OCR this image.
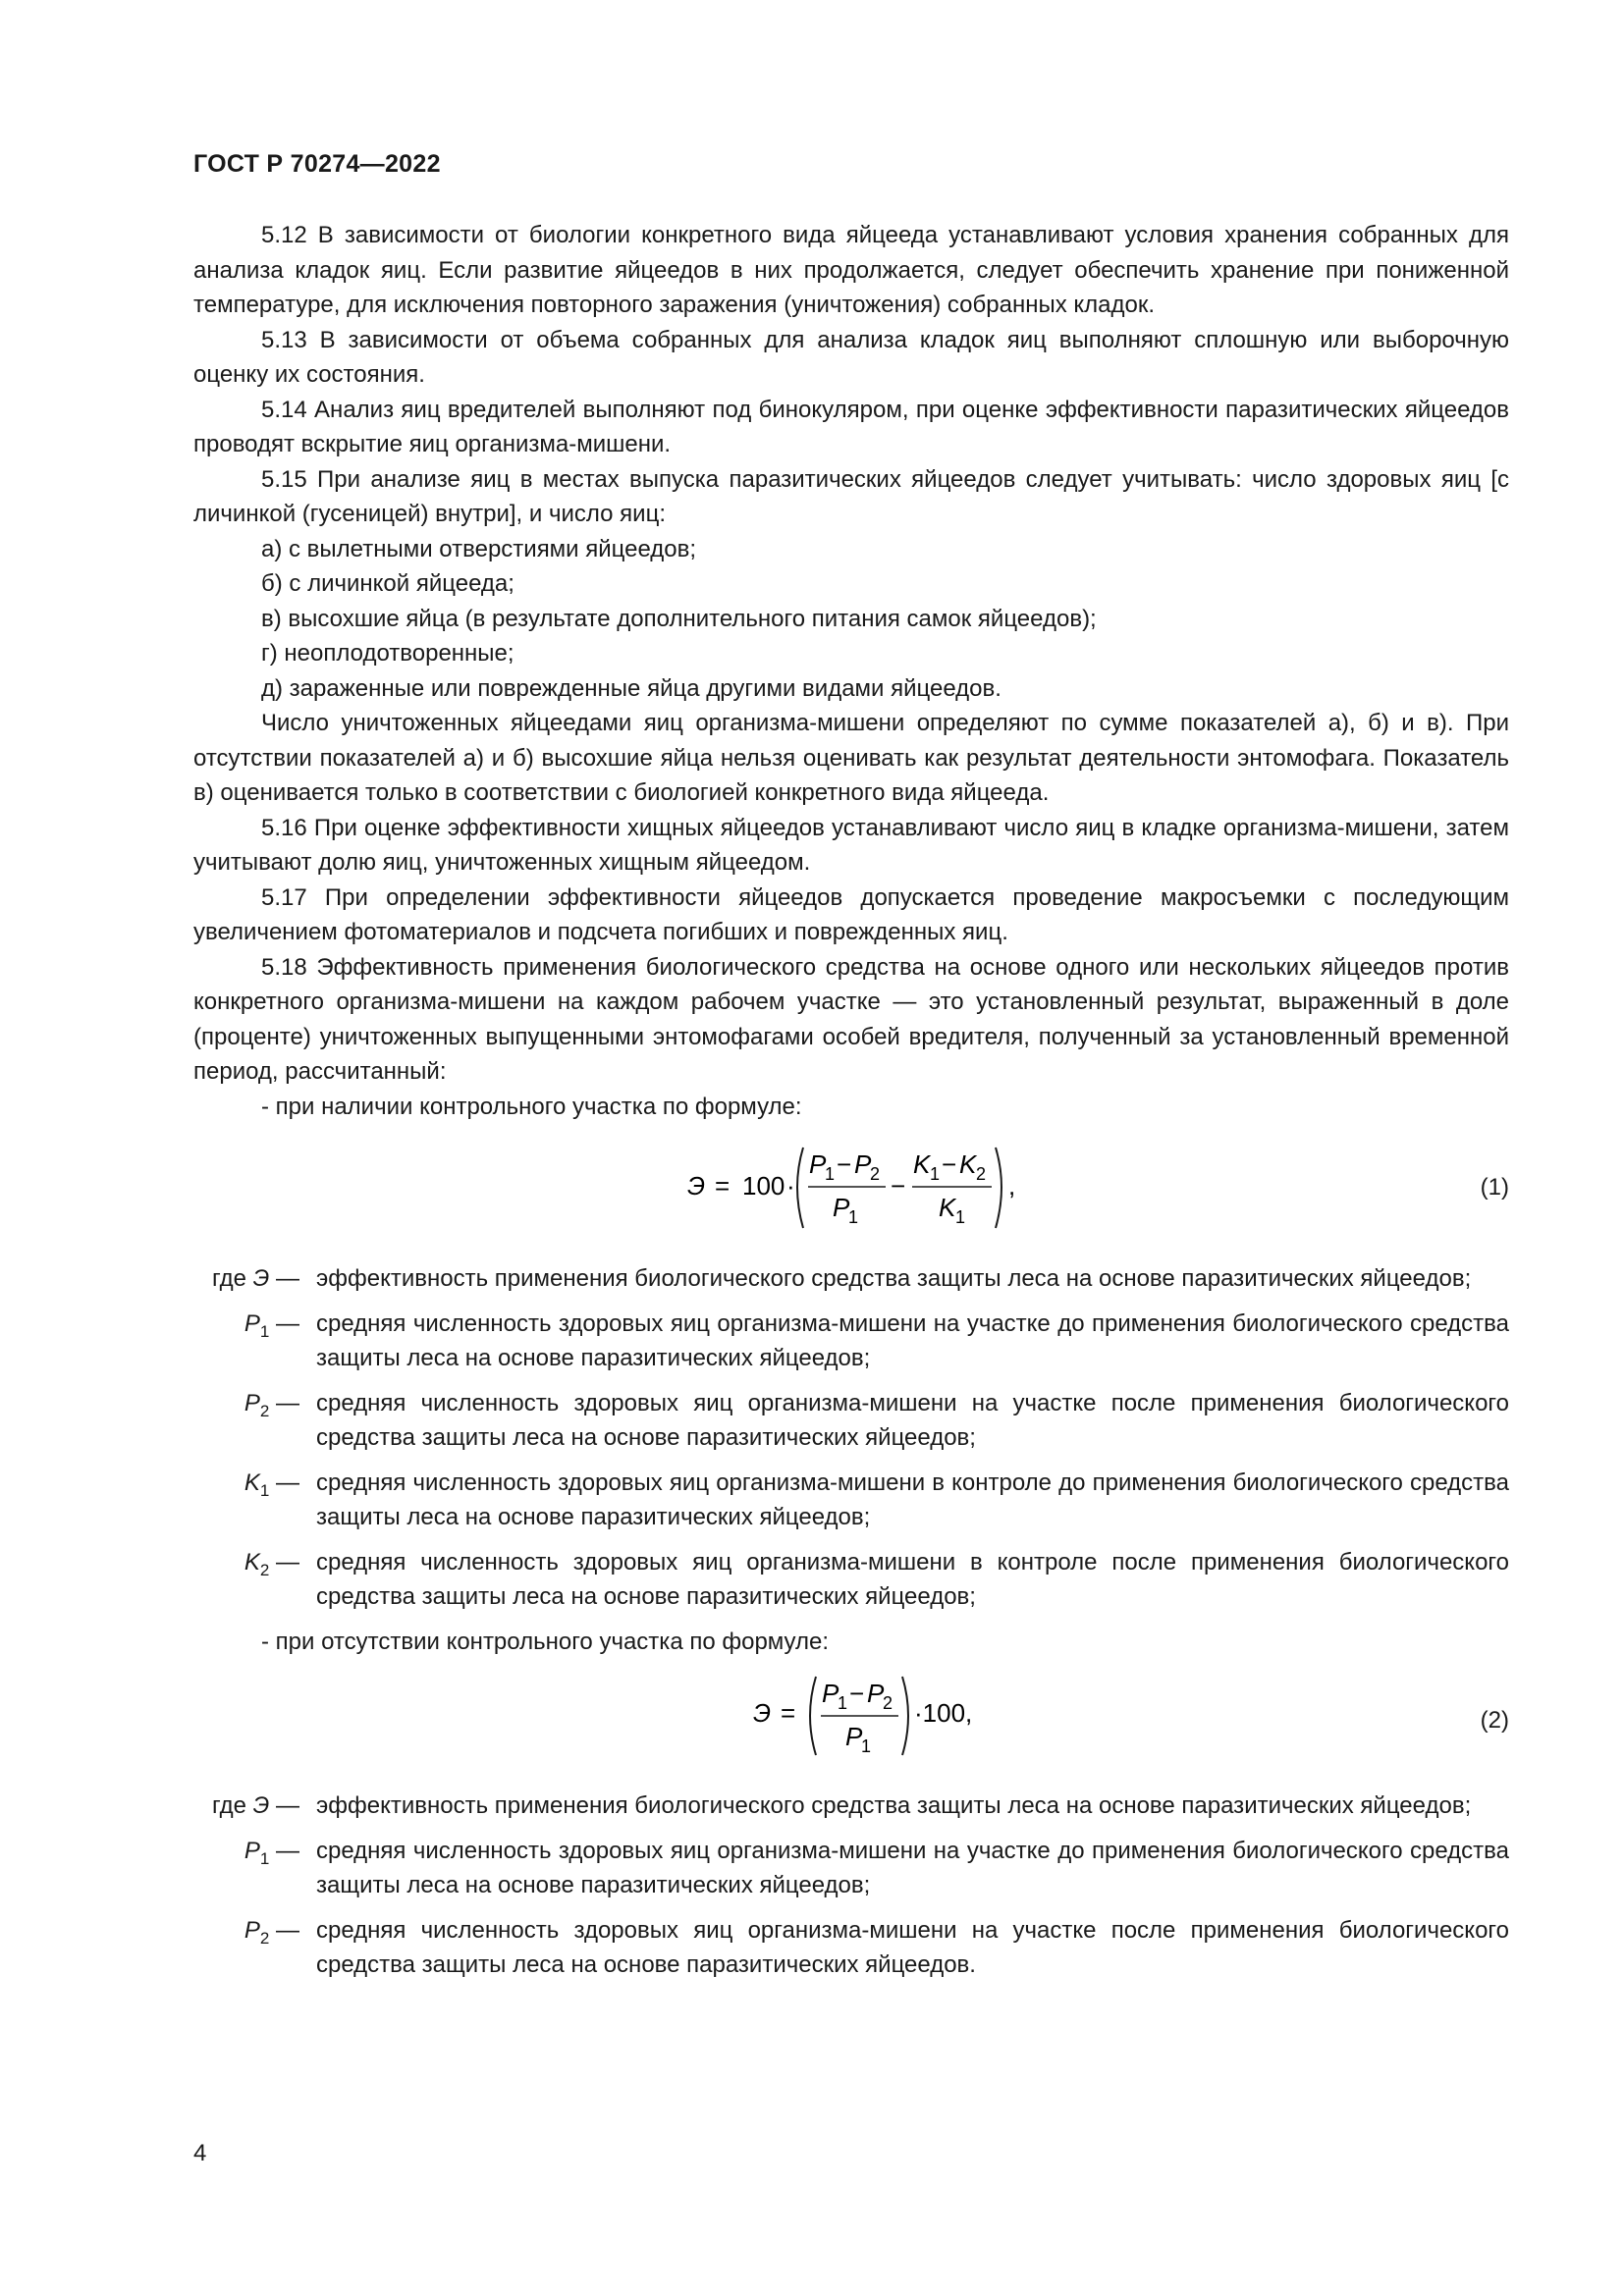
ГОСТ Р 70274—2022

5.12 В зависимости от биологии конкретного вида яйцееда устанавливают условия хранения собранных для анализа кладок яиц. Если развитие яйцеедов в них продолжается, следует обеспечить хранение при пониженной температуре, для исключения повторного заражения (уничтожения) собранных кладок.

5.13 В зависимости от объема собранных для анализа кладок яиц выполняют сплошную или выборочную оценку их состояния.

5.14 Анализ яиц вредителей выполняют под бинокуляром, при оценке эффективности паразитических яйцеедов проводят вскрытие яиц организма-мишени.

5.15 При анализе яиц в местах выпуска паразитических яйцеедов следует учитывать: число здоровых яиц [с личинкой (гусеницей) внутри], и число яиц:

а) с вылетными отверстиями яйцеедов;

б) с личинкой яйцееда;

в) высохшие яйца (в результате дополнительного питания самок яйцеедов);

г) неоплодотворенные;

д) зараженные или поврежденные яйца другими видами яйцеедов.

Число уничтоженных яйцеедами яиц организма-мишени определяют по сумме показателей а), б) и в). При отсутствии показателей а) и б) высохшие яйца нельзя оценивать как результат деятельности энтомофага. Показатель в) оценивается только в соответствии с биологией конкретного вида яйцееда.

5.16 При оценке эффективности хищных яйцеедов устанавливают число яиц в кладке организма-мишени, затем учитывают долю яиц, уничтоженных хищным яйцеедом.

5.17 При определении эффективности яйцеедов допускается проведение макросъемки с последующим увеличением фотоматериалов и подсчета погибших и поврежденных яиц.

5.18 Эффективность применения биологического средства на основе одного или нескольких яйцеедов против конкретного организма-мишени на каждом рабочем участке — это установленный результат, выраженный в доле (проценте) уничтоженных выпущенными энтомофагами особей вредителя, полученный за установленный временной период, рассчитанный:

- при наличии контрольного участка по формуле:

Э = 100 ·
P
1 − P
2
P
1
−
K 1 − K 2
K 1
,	(1)
где Э — эффективность применения биологического средства защиты леса на основе паразитических яйцеедов;
$P_1$ — средняя численность здоровых яиц организма-мишени на участке до применения биологического средства защиты леса на основе паразитических яйцеедов;
$P_2$ — средняя численность здоровых яиц организма-мишени на участке после применения биологического средства защиты леса на основе паразитических яйцеедов;
$K_1$ — средняя численность здоровых яиц организма-мишени в контроле до применения биологического средства защиты леса на основе паразитических яйцеедов;
$K_2$ — средняя численность здоровых яиц организма-мишени в контроле после применения биологического средства защиты леса на основе паразитических яйцеедов;

- при отсутствии контрольного участка по формуле:

Э =
P
1 − P
2
P
1
·100,	(2)
где Э — эффективность применения биологического средства защиты леса на основе паразитических яйцеедов;
$P_1$ — средняя численность здоровых яиц организма-мишени на участке до применения биологического средства защиты леса на основе паразитических яйцеедов;
$P_2$ — средняя численность здоровых яиц организма-мишени на участке после применения биологического средства защиты леса на основе паразитических яйцеедов.
4
